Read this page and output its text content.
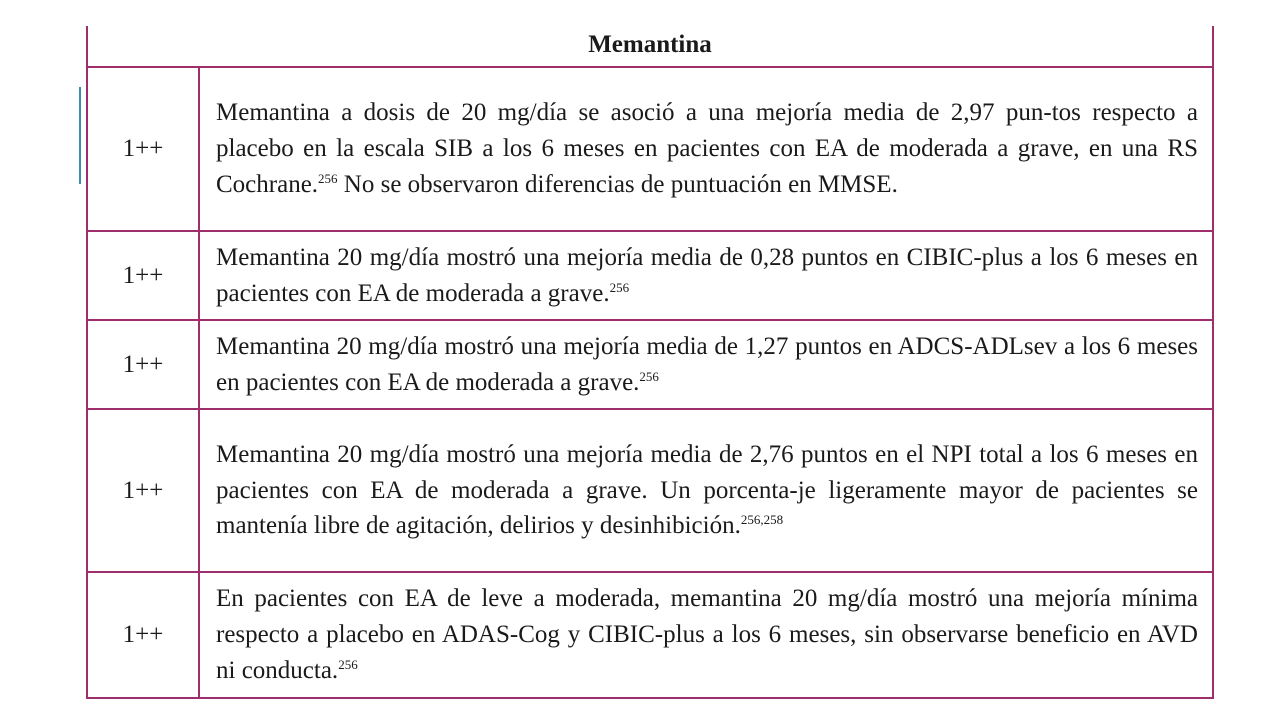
Memantina	
1++	Memantina a dosis de 20 mg/día se asoció a una mejoría media de 2,97 pun-tos respecto a placebo en la escala SIB a los 6 meses en pacientes con EA de moderada a grave, en una RS Cochrane.$^{256}$ No se observaron diferencias de puntuación en MMSE.
1++	Memantina 20 mg/día mostró una mejoría media de 0,28 puntos en CIBIC-plus a los 6 meses en pacientes con EA de moderada a grave.$^{256}$
1++	Memantina 20 mg/día mostró una mejoría media de 1,27 puntos en ADCS-ADLsev a los 6 meses en pacientes con EA de moderada a grave.$^{256}$
1++	Memantina 20 mg/día mostró una mejoría media de 2,76 puntos en el NPI total a los 6 meses en pacientes con EA de moderada a grave. Un porcenta-je ligeramente mayor de pacientes se mantenía libre de agitación, delirios y desinhibición.$^{256,258}$
1++	En pacientes con EA de leve a moderada, memantina 20 mg/día mostró una mejoría mínima respecto a placebo en ADAS-Cog y CIBIC-plus a los 6 meses, sin observarse beneficio en AVD ni conducta.$^{256}$
